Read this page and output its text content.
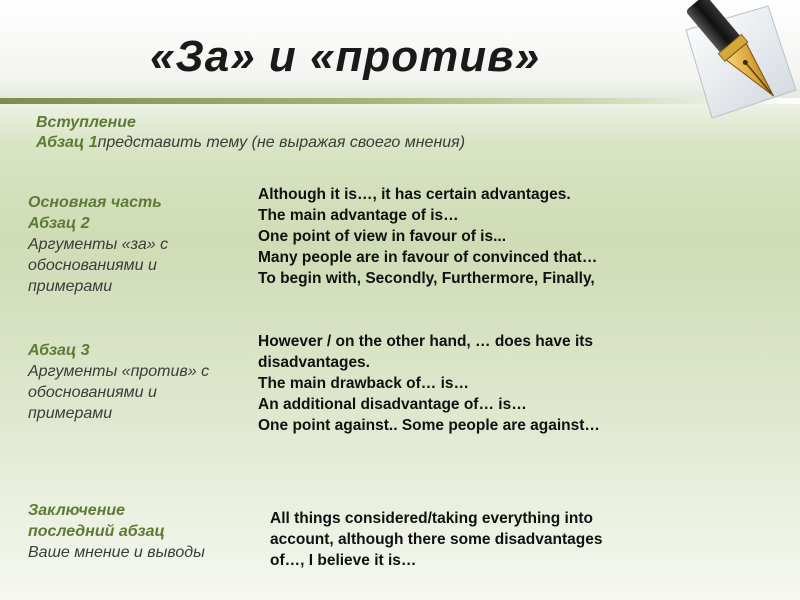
«За» и «против»
Вступление
Абзац 1представить тему (не выражая своего мнения)
Основная часть
Абзац 2
Аргументы «за» с обоснованиями и примерами
Абзац 3
Аргументы «против» с обоснованиями и примерами
Although it is…, it has certain advantages.
The main advantage of is…
One point of view in favour of is...
Many people are in favour of convinced that…
To begin with, Secondly, Furthermore, Finally,
However / on the other hand, … does have its
disadvantages.
The main drawback of… is…
An additional disadvantage of… is…
One point against.. Some people are against…
Заключение
последний абзац
Ваше мнение и выводы
All things considered/taking everything into
account, although there some disadvantages
of…, I believe it is…
